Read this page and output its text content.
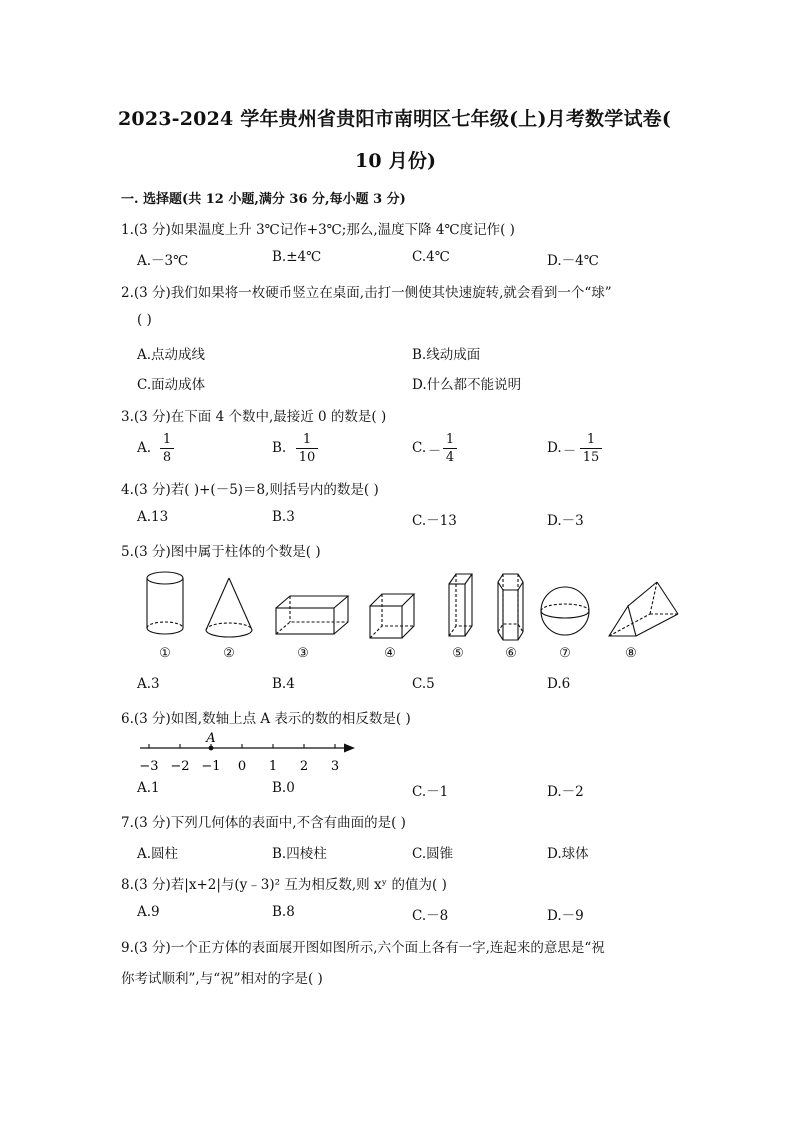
2023-2024 学年贵州省贵阳市南明区七年级(上)月考数学试卷(
10 月份)
一. 选择题(共 12 小题,满分 36 分,每小题 3 分)
1.(3 分)如果温度上升 3℃记作+3℃;那么,温度下降 4℃度记作( )
A.－3℃	B.±4℃	C.4℃	D.－4℃
2.(3 分)我们如果将一枚硬币竖立在桌面,击打一侧使其快速旋转,就会看到一个“球”
( )
A.点动成线	B.线动成面
C.面动成体	D.什么都不能说明
3.(3 分)在下面 4 个数中,最接近 0 的数是( )
A.
1
8
B.
1
10
C. －
1
4
D. －
1
15
4.(3 分)若( )+(－5)＝8,则括号内的数是( )
A.13	B.3	C.－13	D.－3
5.(3 分)图中属于柱体的个数是( )
①	②	③	④	⑤	⑥	⑦	⑧
A.3	B.4	C.5	D.6
6.(3 分)如图,数轴上点 A 表示的数的相反数是( )
A
−3 −2 −1 0 1 2 3
A.1	B.0	C.－1	D.－2
7.(3 分)下列几何体的表面中,不含有曲面的是( )
A.圆柱	B.四棱柱	C.圆锥	D.球体
8.(3 分)若|x+2|与(y﹣3)² 互为相反数,则 xʸ 的值为( )
A.9	B.8	C.－8	D.－9
9.(3 分)一个正方体的表面展开图如图所示,六个面上各有一字,连起来的意思是“祝
你考试顺利”,与“祝”相对的字是( )
